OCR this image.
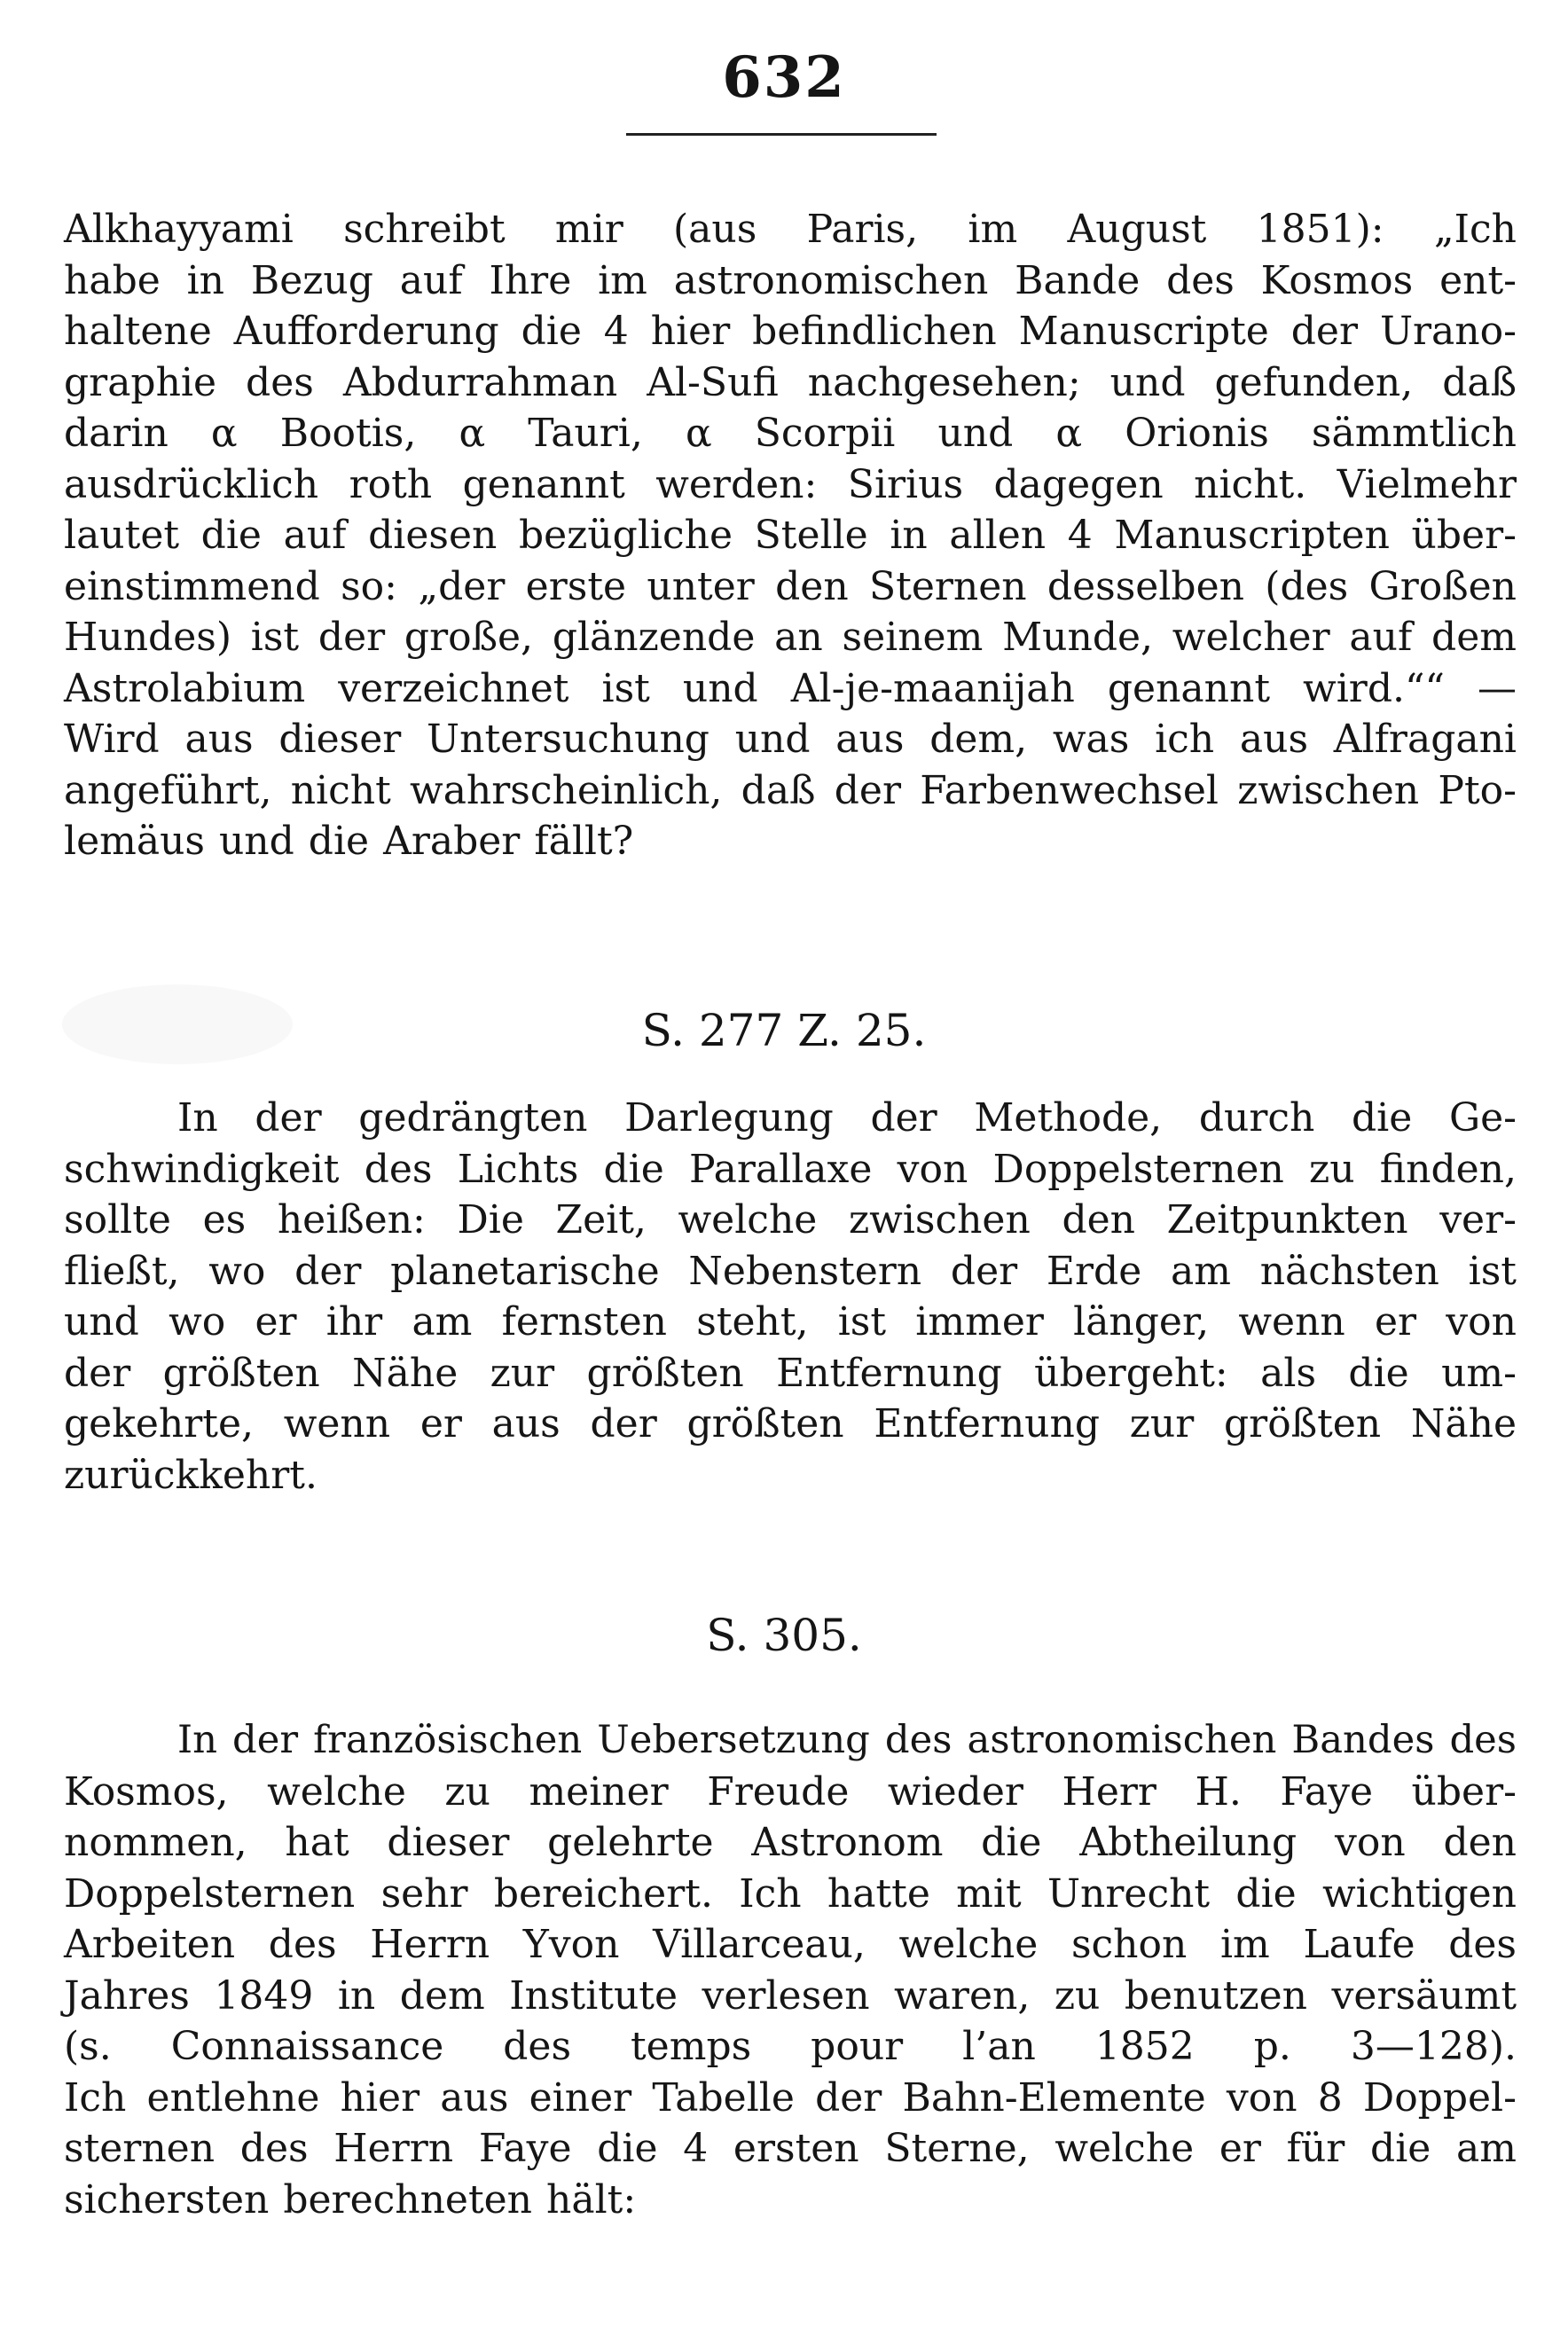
632
Alkhayyami schreibt mir (aus Paris, im August 1851): „Ich
habe in Bezug auf Ihre im astronomischen Bande des Kosmos ent-
haltene Aufforderung die 4 hier befindlichen Manuscripte der Urano-
graphie des Abdurrahman Al-Sufi nachgesehen; und gefunden, daß
darin α Bootis, α Tauri, α Scorpii und α Orionis sämmtlich
ausdrücklich roth genannt werden: Sirius dagegen nicht. Vielmehr
lautet die auf diesen bezügliche Stelle in allen 4 Manuscripten über-
einstimmend so: „der erste unter den Sternen desselben (des Großen
Hundes) ist der große, glänzende an seinem Munde, welcher auf dem
Astrolabium verzeichnet ist und Al-je-maanijah genannt wird.““ —
Wird aus dieser Untersuchung und aus dem, was ich aus Alfragani
angeführt, nicht wahrscheinlich, daß der Farbenwechsel zwischen Pto-
lemäus und die Araber fällt?
S. 277 Z. 25.
In der gedrängten Darlegung der Methode, durch die Ge-
schwindigkeit des Lichts die Parallaxe von Doppelsternen zu finden,
sollte es heißen: Die Zeit, welche zwischen den Zeitpunkten ver-
fließt, wo der planetarische Nebenstern der Erde am nächsten ist
und wo er ihr am fernsten steht, ist immer länger, wenn er von
der größten Nähe zur größten Entfernung übergeht: als die um-
gekehrte, wenn er aus der größten Entfernung zur größten Nähe
zurückkehrt.
S. 305.
In der französischen Uebersetzung des astronomischen Bandes des
Kosmos, welche zu meiner Freude wieder Herr H. Faye über-
nommen, hat dieser gelehrte Astronom die Abtheilung von den
Doppelsternen sehr bereichert. Ich hatte mit Unrecht die wichtigen
Arbeiten des Herrn Yvon Villarceau, welche schon im Laufe des
Jahres 1849 in dem Institute verlesen waren, zu benutzen versäumt
(s. Connaissance des temps pour l’an 1852 p. 3—128).
Ich entlehne hier aus einer Tabelle der Bahn-Elemente von 8 Doppel-
sternen des Herrn Faye die 4 ersten Sterne, welche er für die am
sichersten berechneten hält:
